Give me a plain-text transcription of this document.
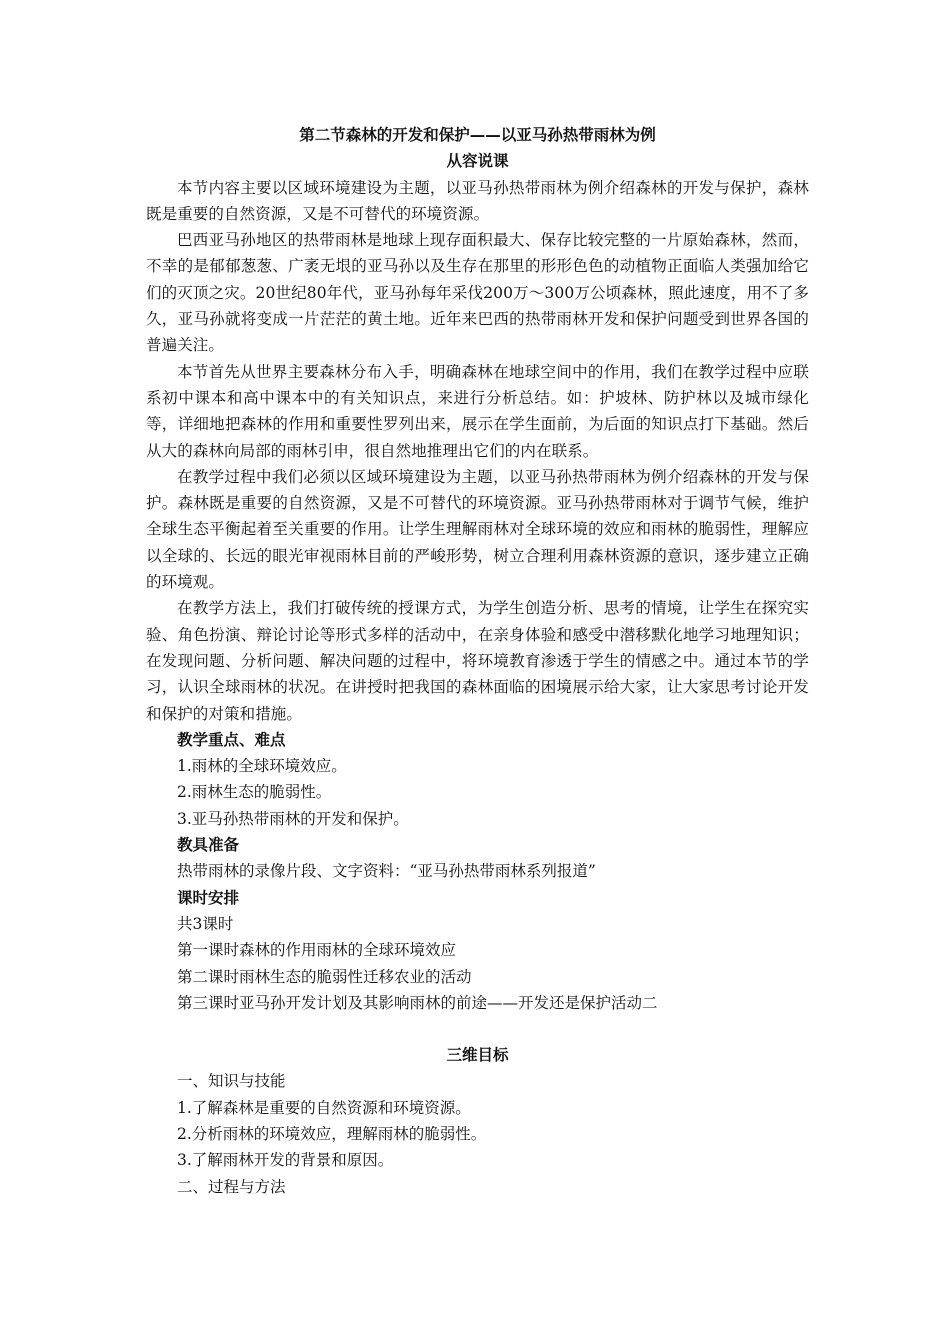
第二节森林的开发和保护——以亚马孙热带雨林为例

从容说课

本节内容主要以区域环境建设为主题，以亚马孙热带雨林为例介绍森林的开发与保护，森林既是重要的自然资源，又是不可替代的环境资源。

巴西亚马孙地区的热带雨林是地球上现存面积最大、保存比较完整的一片原始森林，然而，不幸的是郁郁葱葱、广袤无垠的亚马孙以及生存在那里的形形色色的动植物正面临人类强加给它们的灭顶之灾。20世纪80年代，亚马孙每年采伐200万～300万公顷森林，照此速度，用不了多久，亚马孙就将变成一片茫茫的黄土地。近年来巴西的热带雨林开发和保护问题受到世界各国的普遍关注。

本节首先从世界主要森林分布入手，明确森林在地球空间中的作用，我们在教学过程中应联系初中课本和高中课本中的有关知识点，来进行分析总结。如：护坡林、防护林以及城市绿化等，详细地把森林的作用和重要性罗列出来，展示在学生面前，为后面的知识点打下基础。然后从大的森林向局部的雨林引申，很自然地推理出它们的内在联系。

在教学过程中我们必须以区域环境建设为主题，以亚马孙热带雨林为例介绍森林的开发与保护。森林既是重要的自然资源，又是不可替代的环境资源。亚马孙热带雨林对于调节气候，维护全球生态平衡起着至关重要的作用。让学生理解雨林对全球环境的效应和雨林的脆弱性，理解应以全球的、长远的眼光审视雨林目前的严峻形势，树立合理利用森林资源的意识，逐步建立正确的环境观。

在教学方法上，我们打破传统的授课方式，为学生创造分析、思考的情境，让学生在探究实验、角色扮演、辩论讨论等形式多样的活动中，在亲身体验和感受中潜移默化地学习地理知识；在发现问题、分析问题、解决问题的过程中，将环境教育渗透于学生的情感之中。通过本节的学习，认识全球雨林的状况。在讲授时把我国的森林面临的困境展示给大家，让大家思考讨论开发和保护的对策和措施。

教学重点、难点

1.雨林的全球环境效应。

2.雨林生态的脆弱性。

3.亚马孙热带雨林的开发和保护。

教具准备

热带雨林的录像片段、文字资料：“亚马孙热带雨林系列报道”

课时安排

共3课时

第一课时森林的作用雨林的全球环境效应

第二课时雨林生态的脆弱性迁移农业的活动

第三课时亚马孙开发计划及其影响雨林的前途——开发还是保护活动二

三维目标

一、知识与技能

1.了解森林是重要的自然资源和环境资源。

2.分析雨林的环境效应，理解雨林的脆弱性。

3.了解雨林开发的背景和原因。

二、过程与方法
